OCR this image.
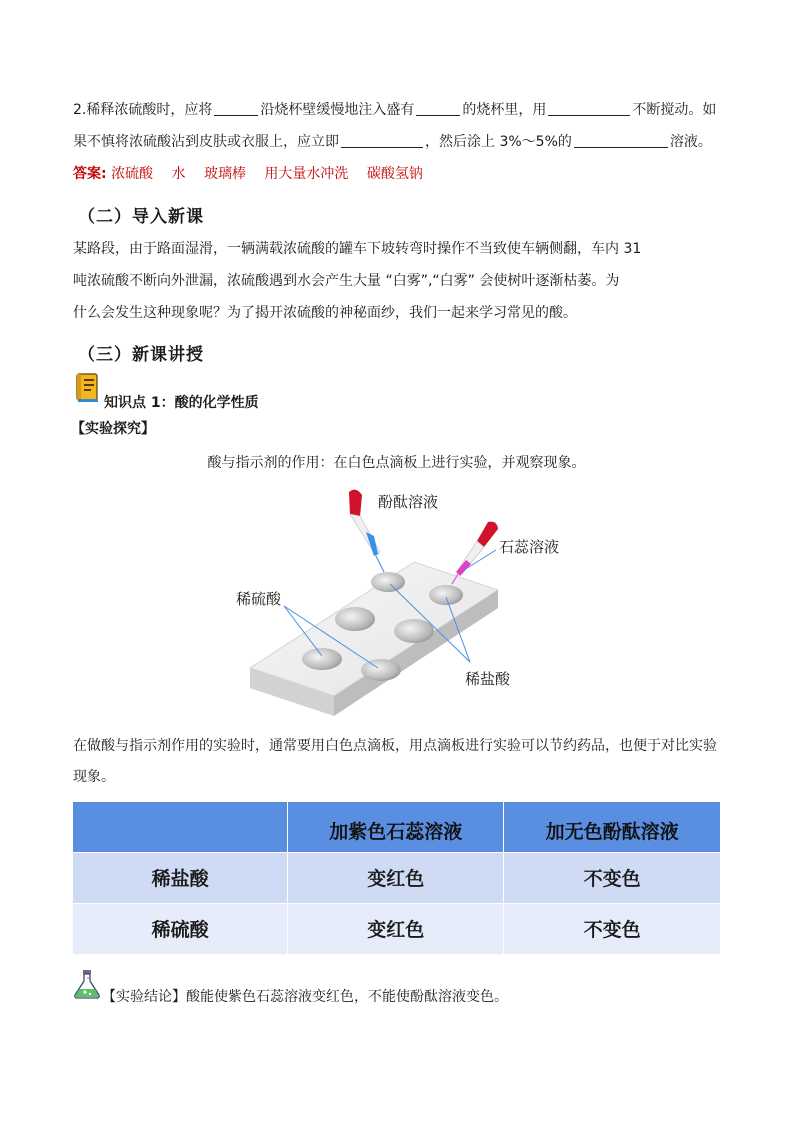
2.稀释浓硫酸时，应将	沿烧杯壁缓慢地注入盛有	的烧杯里，用	不断搅动。如
果不慎将浓硫酸沾到皮肤或衣服上，应立即	，然后涂上 3%～5%的	溶液。
答案: 浓硫酸 水 玻璃棒 用大量水冲洗 碳酸氢钠
（二）导入新课
某路段，由于路面湿滑，一辆满载浓硫酸的罐车下坡转弯时操作不当致使车辆侧翻，车内 31
吨浓硫酸不断向外泄漏，浓硫酸遇到水会产生大量 “白雾”,“白雾” 会使树叶逐渐枯萎。为
什么会发生这种现象呢？为了揭开浓硫酸的神秘面纱，我们一起来学习常见的酸。
（三）新课讲授
知识点 1：酸的化学性质
【实验探究】
酸与指示剂的作用：在白色点滴板上进行实验，并观察现象。
酚酞溶液
石蕊溶液
稀硫酸
稀盐酸
在做酸与指示剂作用的实验时，通常要用白色点滴板，用点滴板进行实验可以节约药品，也便于对比实验
现象。
	加紫色石蕊溶液	加无色酚酞溶液
稀盐酸	变红色	不变色
稀硫酸	变红色	不变色
【实验结论】酸能使紫色石蕊溶液变红色，不能使酚酞溶液变色。
